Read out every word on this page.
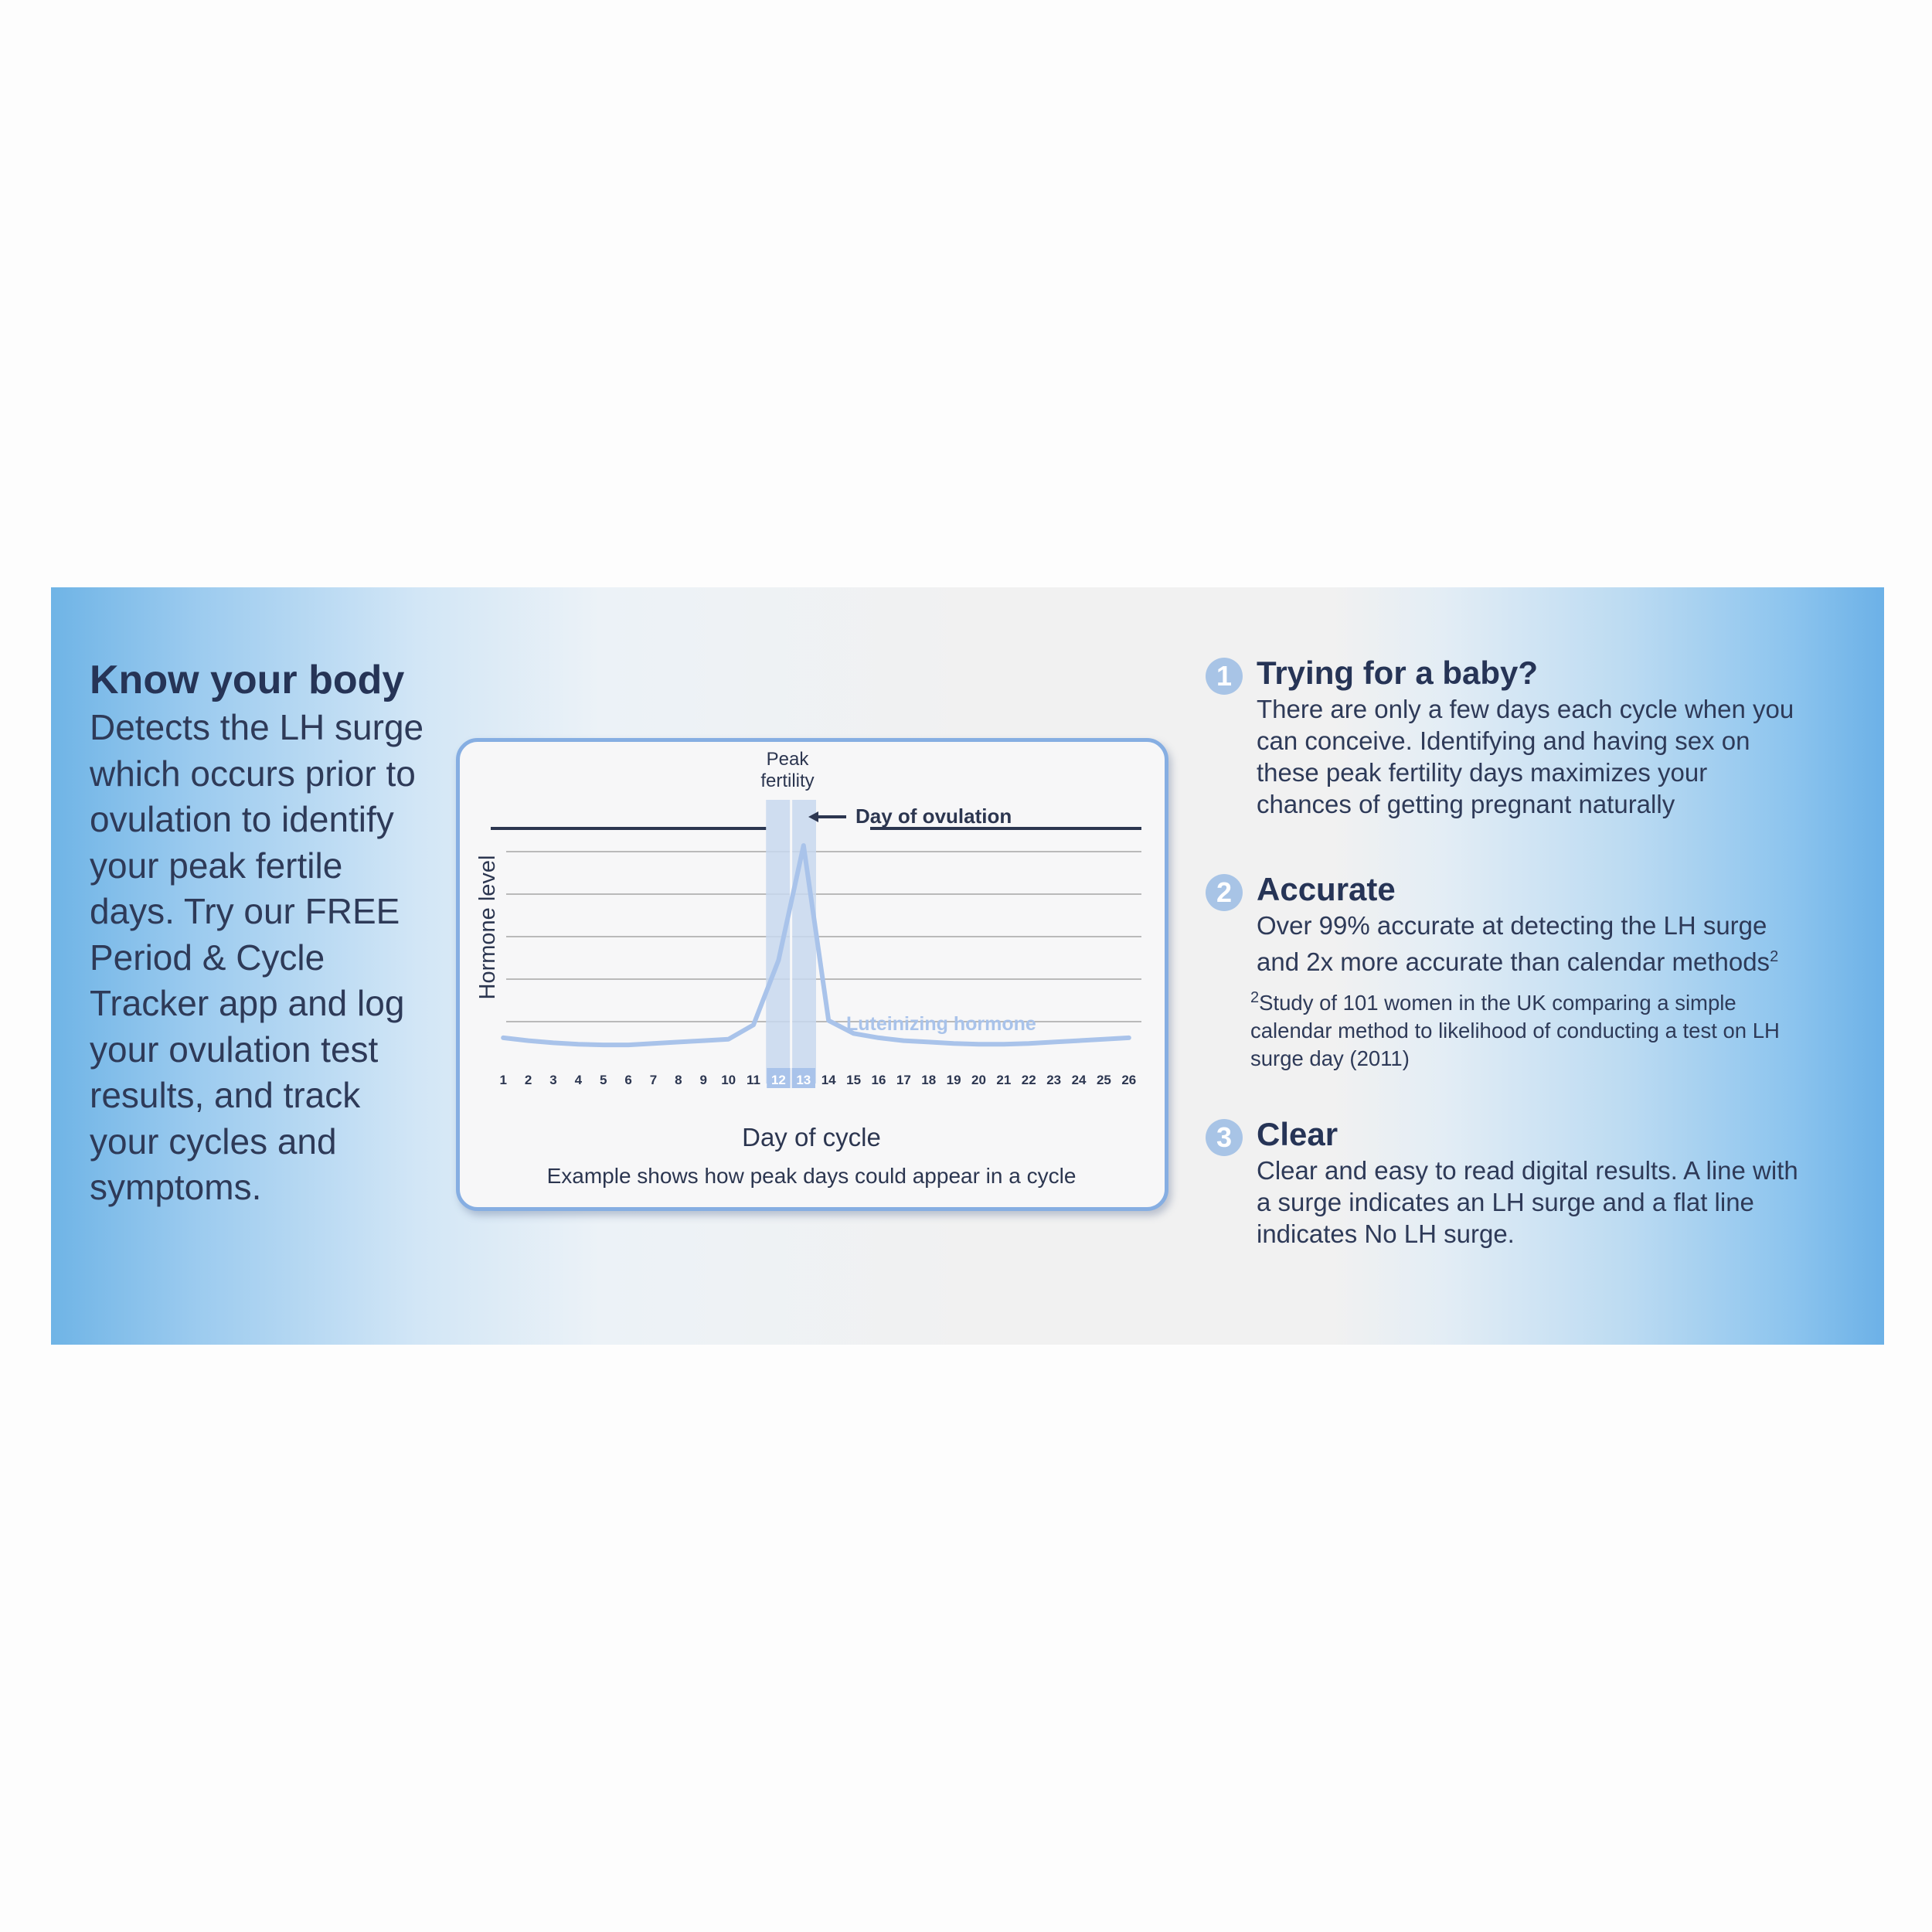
Know your body

Detects the LH surge which occurs prior to ovulation to identify your peak fertile days. Try our FREE Period & Cycle Tracker app and log your ovulation test results, and track your cycles and symptoms.

1 2 3 4 5 6 7 8 9 10 11 12 13 14 15 16 17 18 19 20 21 22 23 24 25 26
Peak
fertility
Day of ovulation
Hormone level
Luteinizing hormone
Day of cycle
Example shows how peak days could appear in a cycle
1 Trying for a baby?
There are only a few days each cycle when you can conceive. Identifying and having sex on these peak fertility days maximizes your chances of getting pregnant naturally
2 Accurate
Over 99% accurate at detecting the LH surge and 2x more accurate than calendar methods$^2$
$^2$Study of 101 women in the UK comparing a simple calendar method to likelihood of conducting a test on LH surge day (2011)
3 Clear
Clear and easy to read digital results. A line with a surge indicates an LH surge and a flat line indicates No LH surge.
